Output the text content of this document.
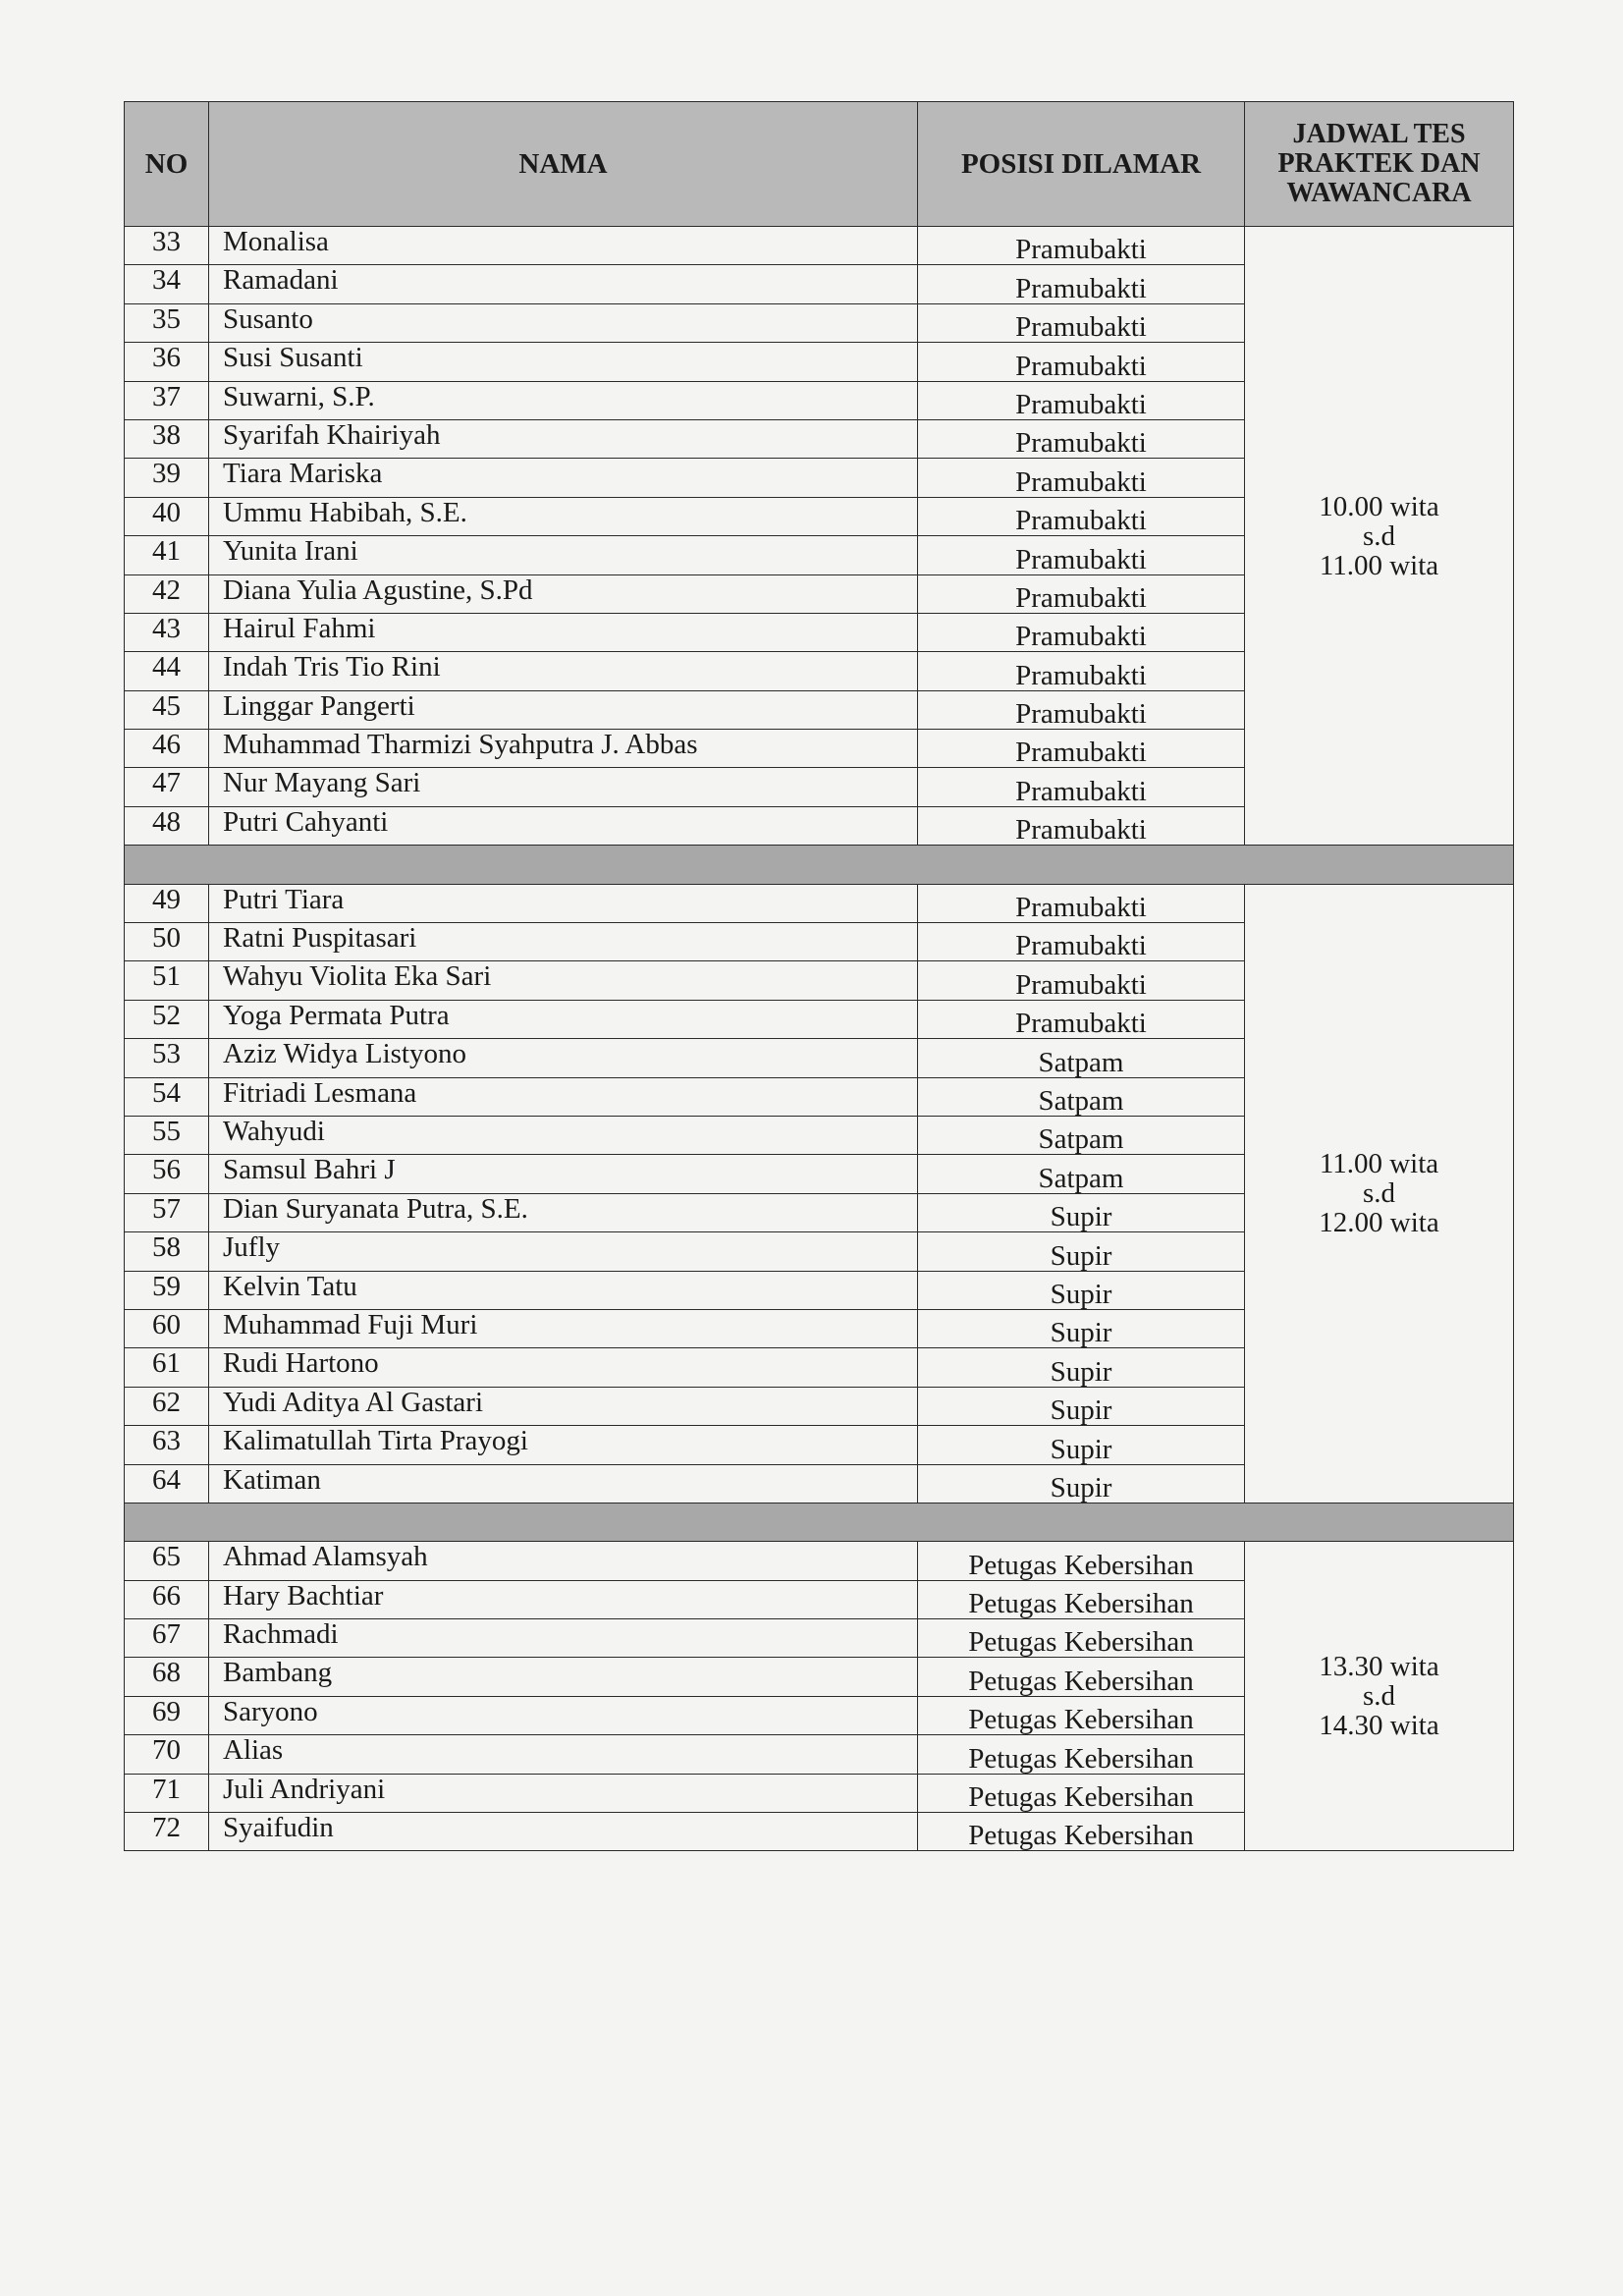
NO	NAMA	POSISI DILAMAR	JADWAL TES
PRAKTEK DAN
WAWANCARA
33	Monalisa	Pramubakti	10.00 wita
s.d
11.00 wita
34	Ramadani	Pramubakti	
35	Susanto	Pramubakti	
36	Susi Susanti	Pramubakti	
37	Suwarni, S.P.	Pramubakti	
38	Syarifah Khairiyah	Pramubakti	
39	Tiara Mariska	Pramubakti	
40	Ummu Habibah, S.E.	Pramubakti	
41	Yunita Irani	Pramubakti	
42	Diana Yulia Agustine, S.Pd	Pramubakti	
43	Hairul Fahmi	Pramubakti	
44	Indah Tris Tio Rini	Pramubakti	
45	Linggar Pangerti	Pramubakti	
46	Muhammad Tharmizi Syahputra J. Abbas	Pramubakti	
47	Nur Mayang Sari	Pramubakti	
48	Putri Cahyanti	Pramubakti	

49	Putri Tiara	Pramubakti	11.00 wita
s.d
12.00 wita
50	Ratni Puspitasari	Pramubakti	
51	Wahyu Violita Eka Sari	Pramubakti	
52	Yoga Permata Putra	Pramubakti	
53	Aziz Widya Listyono	Satpam	
54	Fitriadi Lesmana	Satpam	
55	Wahyudi	Satpam	
56	Samsul Bahri J	Satpam	
57	Dian Suryanata Putra, S.E.	Supir	
58	Jufly	Supir	
59	Kelvin Tatu	Supir	
60	Muhammad Fuji Muri	Supir	
61	Rudi Hartono	Supir	
62	Yudi Aditya Al Gastari	Supir	
63	Kalimatullah Tirta Prayogi	Supir	
64	Katiman	Supir	

65	Ahmad Alamsyah	Petugas Kebersihan	13.30 wita
s.d
14.30 wita
66	Hary Bachtiar	Petugas Kebersihan	
67	Rachmadi	Petugas Kebersihan	
68	Bambang	Petugas Kebersihan	
69	Saryono	Petugas Kebersihan	
70	Alias	Petugas Kebersihan	
71	Juli Andriyani	Petugas Kebersihan	
72	Syaifudin	Petugas Kebersihan	
